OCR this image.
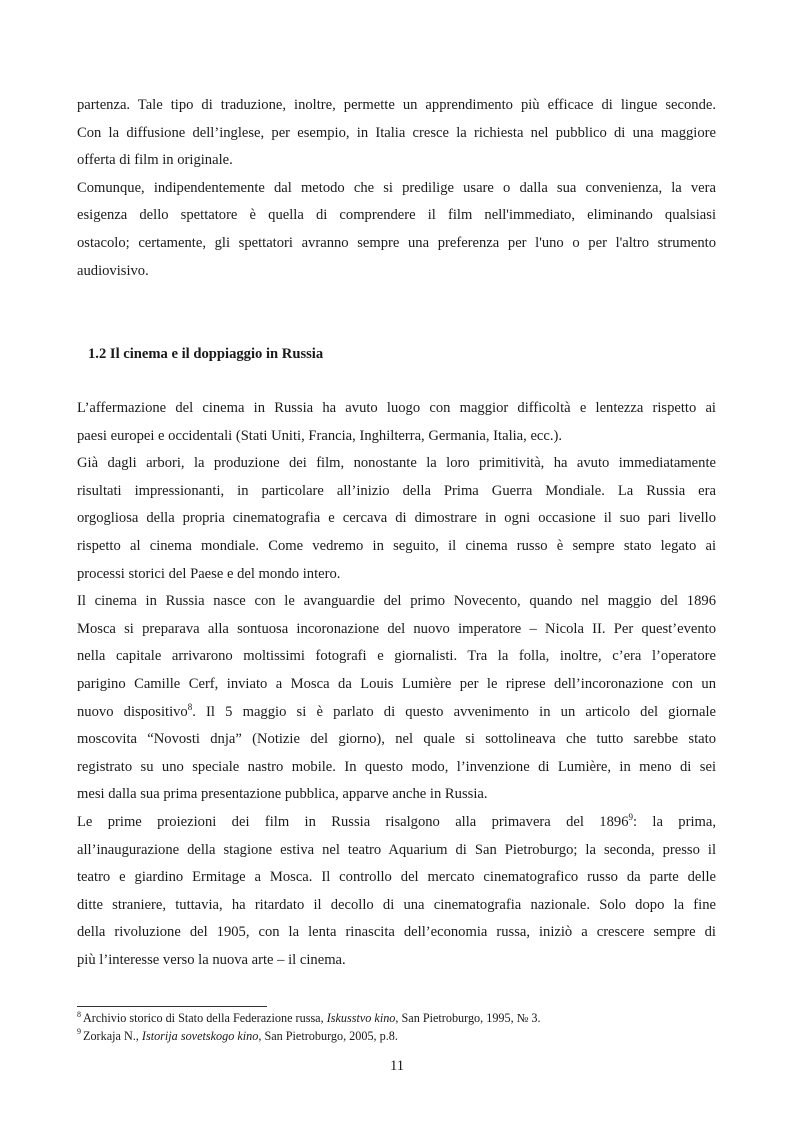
partenza. Tale tipo di traduzione, inoltre, permette un apprendimento più efficace di lingue seconde.
Con la diffusione dell’inglese, per esempio, in Italia cresce la richiesta nel pubblico di una maggiore
offerta di film in originale.

Comunque, indipendentemente dal metodo che si predilige usare o dalla sua convenienza, la vera
esigenza dello spettatore è quella di comprendere il film nell'immediato, eliminando qualsiasi
ostacolo; certamente, gli spettatori avranno sempre una preferenza per l'uno o per l'altro strumento
audiovisivo.

1.2 Il cinema e il doppiaggio in Russia

L’affermazione del cinema in Russia ha avuto luogo con maggior difficoltà e lentezza rispetto ai
paesi europei e occidentali (Stati Uniti, Francia, Inghilterra, Germania, Italia, ecc.).

Già dagli arbori, la produzione dei film, nonostante la loro primitività, ha avuto immediatamente
risultati impressionanti, in particolare all’inizio della Prima Guerra Mondiale. La Russia era
orgogliosa della propria cinematografia e cercava di dimostrare in ogni occasione il suo pari livello
rispetto al cinema mondiale. Come vedremo in seguito, il cinema russo è sempre stato legato ai
processi storici del Paese e del mondo intero.

Il cinema in Russia nasce con le avanguardie del primo Novecento, quando nel maggio del 1896
Mosca si preparava alla sontuosa incoronazione del nuovo imperatore – Nicola II. Per quest’evento
nella capitale arrivarono moltissimi fotografi e giornalisti. Tra la folla, inoltre, c’era l’operatore
parigino Camille Cerf, inviato a Mosca da Louis Lumière per le riprese dell’incoronazione con un
nuovo dispositivo$^8$. Il 5 maggio si è parlato di questo avvenimento in un articolo del giornale
moscovita “Novosti dnja” (Notizie del giorno), nel quale si sottolineava che tutto sarebbe stato
registrato su uno speciale nastro mobile. In questo modo, l’invenzione di Lumière, in meno di sei
mesi dalla sua prima presentazione pubblica, apparve anche in Russia.

Le prime proiezioni dei film in Russia risalgono alla primavera del 1896$^9$: la prima,
all’inaugurazione della stagione estiva nel teatro Aquarium di San Pietroburgo; la seconda, presso il
teatro e giardino Ermitage a Mosca. Il controllo del mercato cinematografico russo da parte delle
ditte straniere, tuttavia, ha ritardato il decollo di una cinematografia nazionale. Solo dopo la fine
della rivoluzione del 1905, con la lenta rinascita dell’economia russa, iniziò a crescere sempre di
più l’interesse verso la nuova arte – il cinema.

$^8$ Archivio storico di Stato della Federazione russa, Iskusstvo kino, San Pietroburgo, 1995, № 3.
$^9$ Zorkaja N., Istorija sovetskogo kino, San Pietroburgo, 2005, p.8.
11
